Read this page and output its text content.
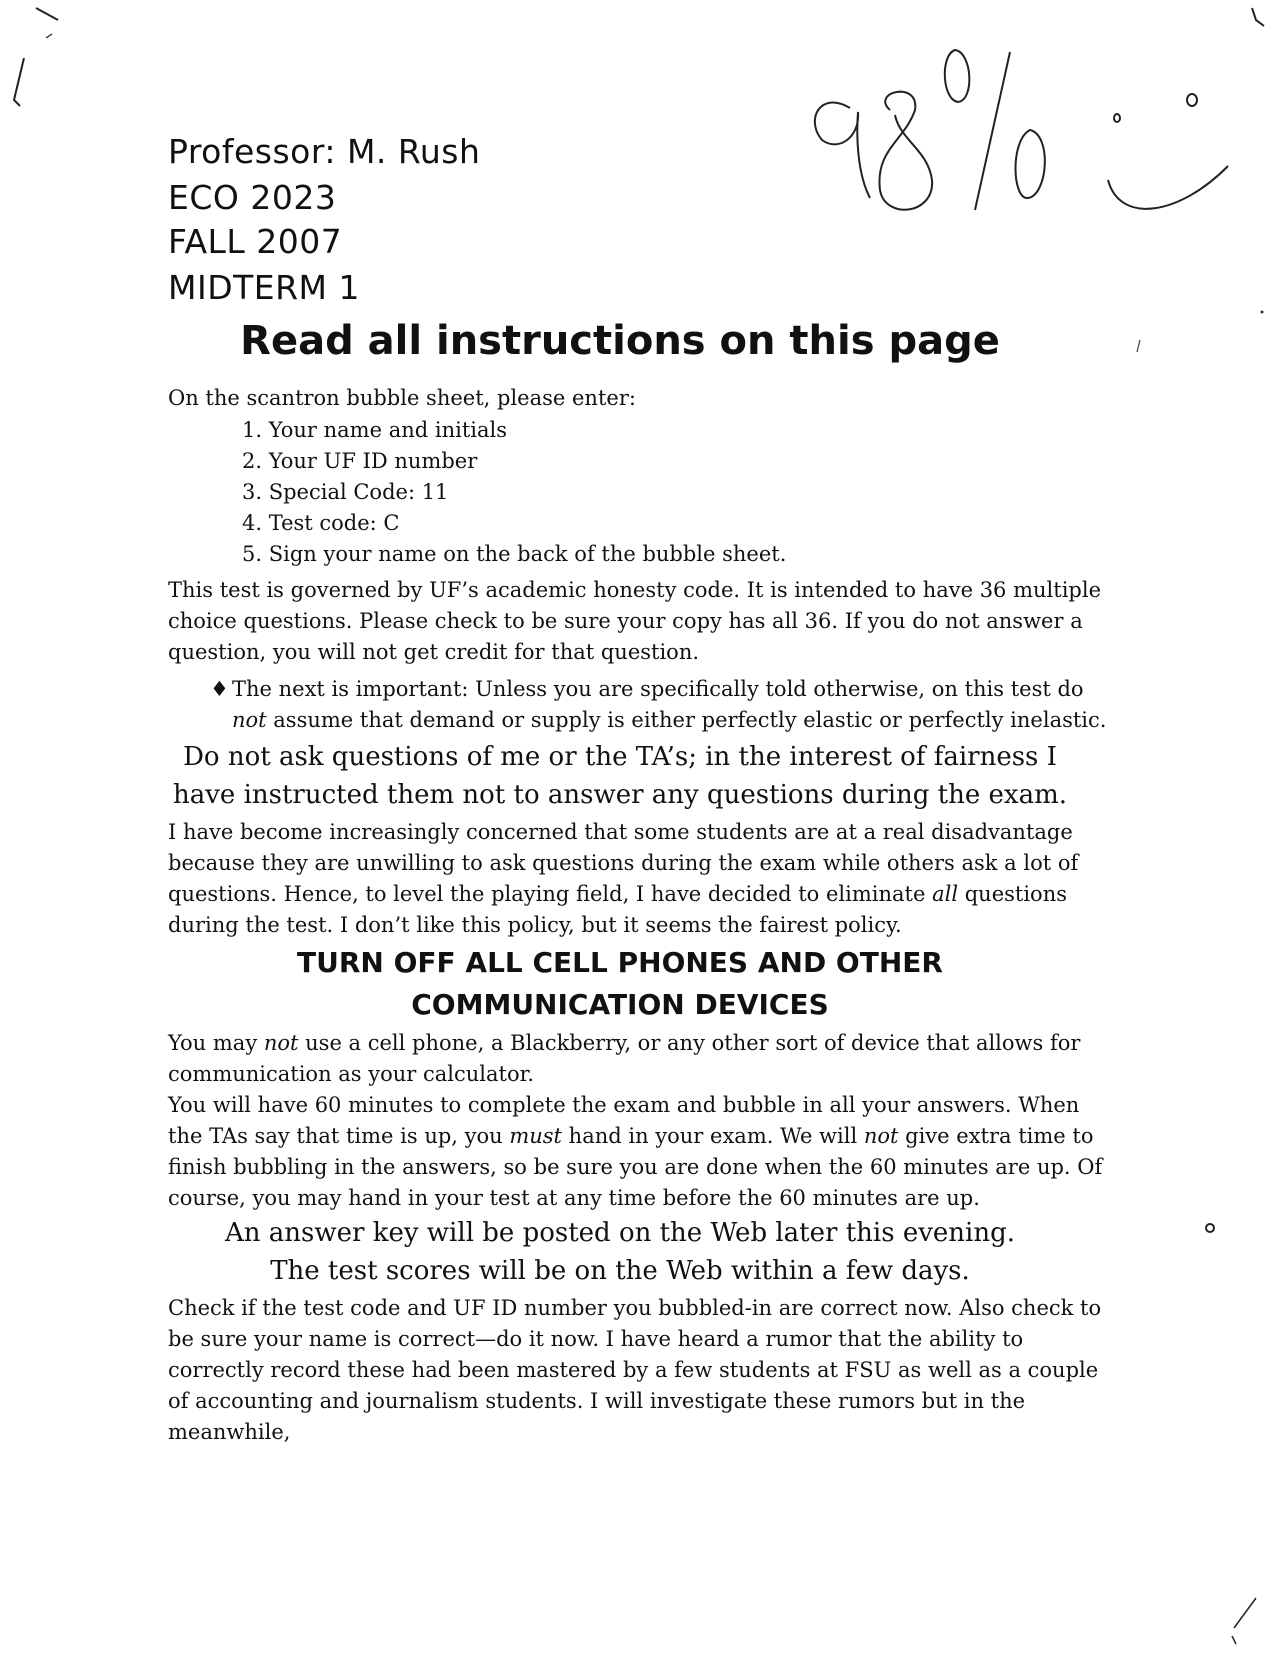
Professor: M. Rush
ECO 2023
FALL 2007
MIDTERM 1
Read all instructions on this page
On the scantron bubble sheet, please enter:
1. Your name and initials
2. Your UF ID number
3. Special Code: 11
4. Test code: C
5. Sign your name on the back of the bubble sheet.
This test is governed by UF’s academic honesty code. It is intended to have 36 multiple
choice questions. Please check to be sure your copy has all 36. If you do not answer a
question, you will not get credit for that question.
♦ The next is important: Unless you are specifically told otherwise, on this test do
not assume that demand or supply is either perfectly elastic or perfectly inelastic.
Do not ask questions of me or the TA’s; in the interest of fairness I
have instructed them not to answer any questions during the exam.
I have become increasingly concerned that some students are at a real disadvantage
because they are unwilling to ask questions during the exam while others ask a lot of
questions. Hence, to level the playing field, I have decided to eliminate all questions
during the test. I don’t like this policy, but it seems the fairest policy.
TURN OFF ALL CELL PHONES AND OTHER
COMMUNICATION DEVICES
You may not use a cell phone, a Blackberry, or any other sort of device that allows for
communication as your calculator.
You will have 60 minutes to complete the exam and bubble in all your answers. When
the TAs say that time is up, you must hand in your exam. We will not give extra time to
finish bubbling in the answers, so be sure you are done when the 60 minutes are up. Of
course, you may hand in your test at any time before the 60 minutes are up.
An answer key will be posted on the Web later this evening.
The test scores will be on the Web within a few days.
Check if the test code and UF ID number you bubbled-in are correct now. Also check to
be sure your name is correct—do it now. I have heard a rumor that the ability to
correctly record these had been mastered by a few students at FSU as well as a couple
of accounting and journalism students. I will investigate these rumors but in the
meanwhile,
